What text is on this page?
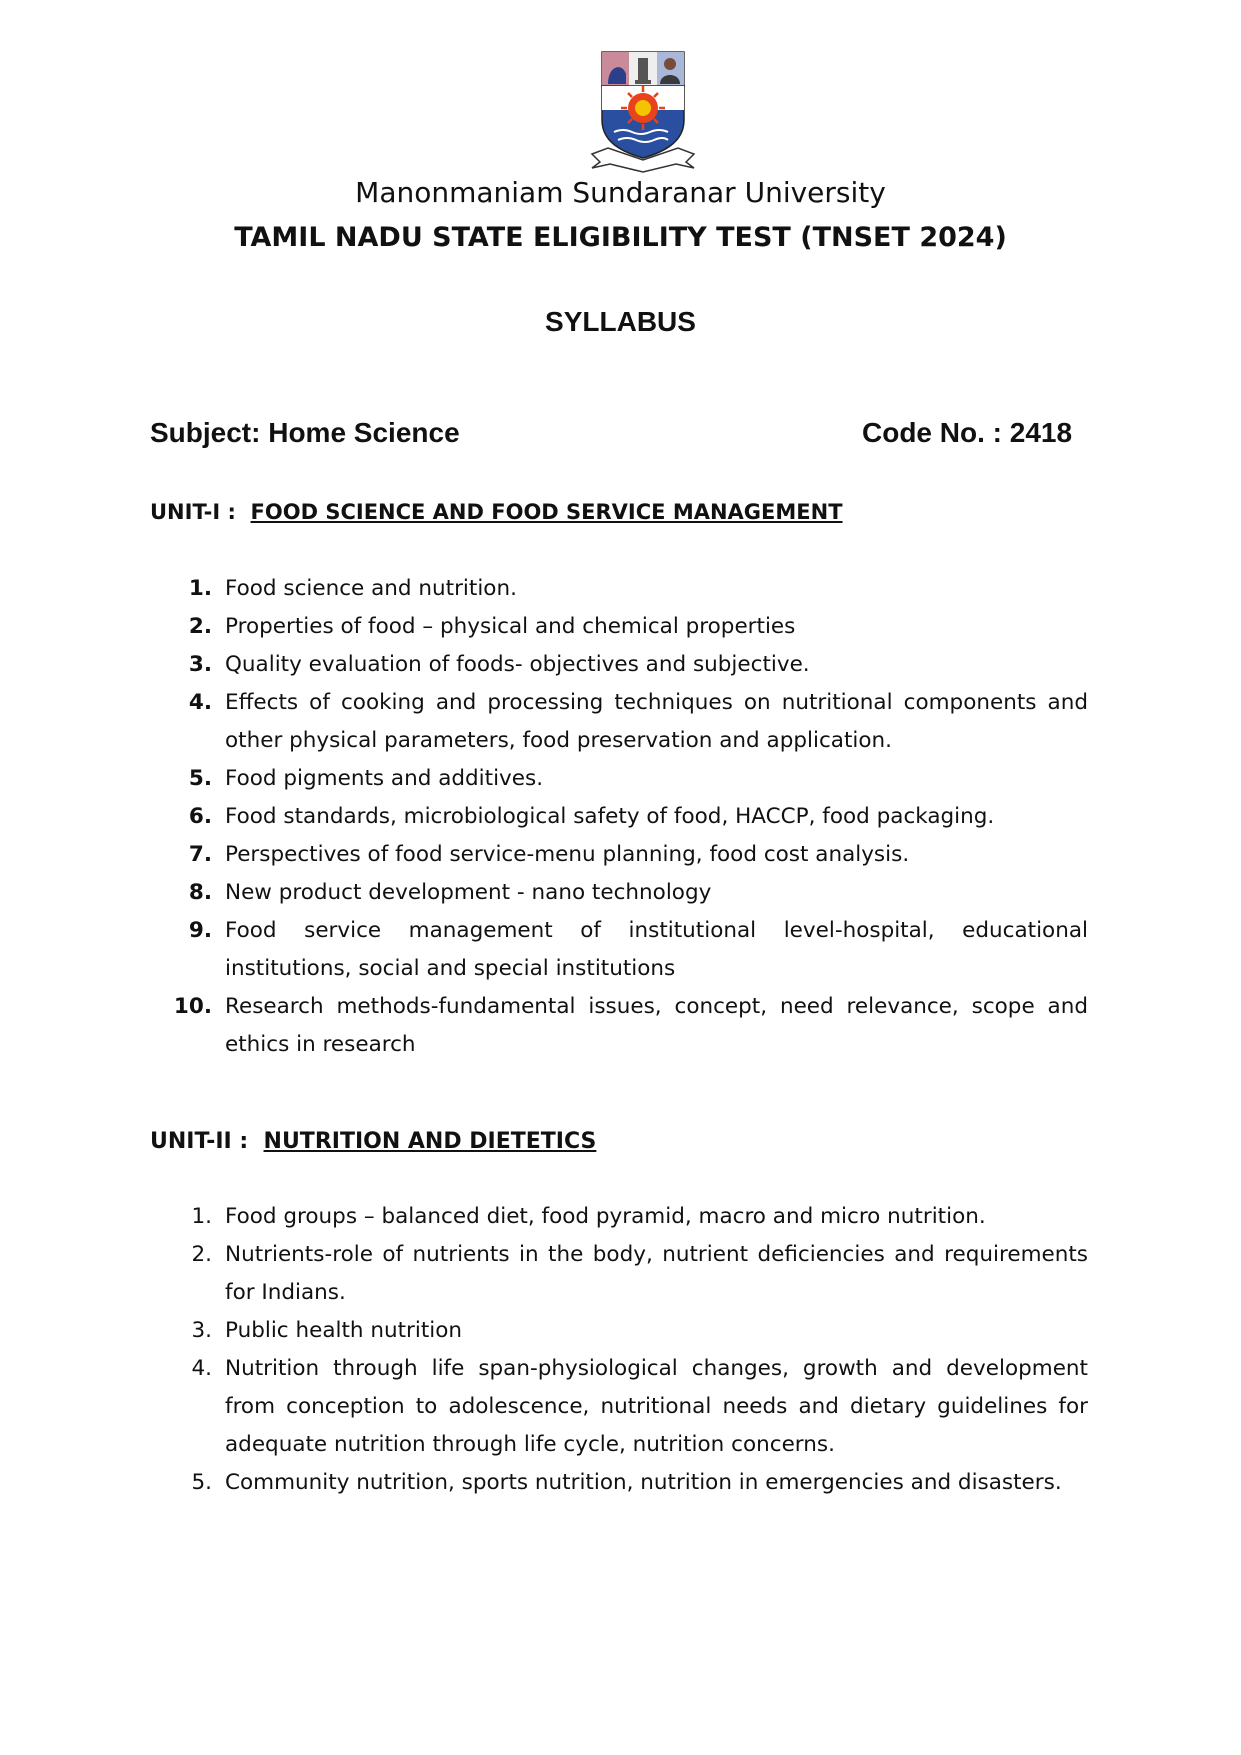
Manonmaniam Sundaranar University
TAMIL NADU STATE ELIGIBILITY TEST (TNSET 2024)
SYLLABUS
Subject: Home Science	Code No. : 2418
UNIT-I : FOOD SCIENCE AND FOOD SERVICE MANAGEMENT
1. Food science and nutrition.
2. Properties of food – physical and chemical properties
3. Quality evaluation of foods- objectives and subjective.
4. Effects of cooking and processing techniques on nutritional components and other physical parameters, food preservation and application.
5. Food pigments and additives.
6. Food standards, microbiological safety of food, HACCP, food packaging.
7. Perspectives of food service-menu planning, food cost analysis.
8. New product development - nano technology
9. Food service management of institutional level-hospital, educational institutions, social and special institutions
10. Research methods-fundamental issues, concept, need relevance, scope and ethics in research
UNIT-II : NUTRITION AND DIETETICS
1. Food groups – balanced diet, food pyramid, macro and micro nutrition.
2. Nutrients-role of nutrients in the body, nutrient deficiencies and requirements for Indians.
3. Public health nutrition
4. Nutrition through life span-physiological changes, growth and development from conception to adolescence, nutritional needs and dietary guidelines for adequate nutrition through life cycle, nutrition concerns.
5. Community nutrition, sports nutrition, nutrition in emergencies and disasters.
